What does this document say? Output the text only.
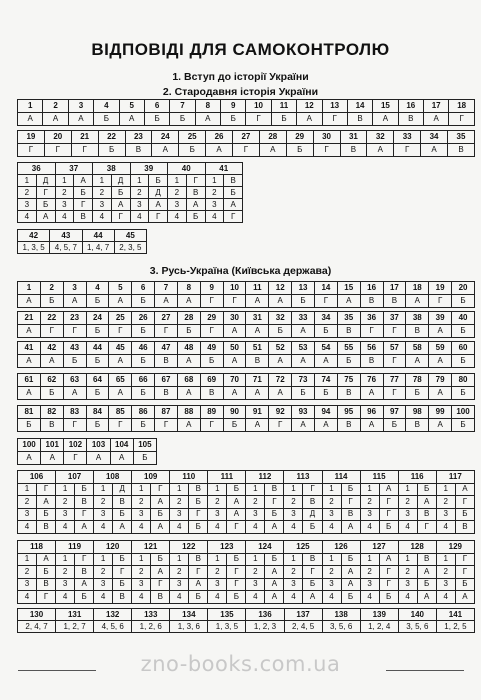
ВІДПОВІДІ ДЛЯ САМОКОНТРОЛЮ
1. Вступ до історії України
2. Стародавня історія України
1	2	3	4	5	6	7	8	9	10	11	12	13	14	15	16	17	18
А	А	А	Б	А	Б	Б	А	Б	Г	Б	А	Г	В	А	В	А	Г
19	20	21	22	23	24	25	26	27	28	29	30	31	32	33	34	35
Г	Г	Г	Б	В	А	Б	А	Г	А	Б	Г	В	А	Г	А	В
36		37		38		39		40		41	
1	Д	1	А	1	Д	1	Б	1	Г	1	В
2	Г	2	Б	2	Б	2	Д	2	В	2	Б
3	Б	3	Г	3	А	3	А	3	А	3	А
4	А	4	В	4	Г	4	Г	4	Б	4	Г
42	43	44	45
1, 3, 5	4, 5, 7	1, 4, 7	2, 3, 5
3. Русь-Україна (Київська держава)
1	2	3	4	5	6	7	8	9	10	11	12	13	14	15	16	17	18	19	20
А	Б	А	Б	А	Б	А	А	Г	Г	А	А	Б	Г	А	В	В	А	Г	Б
21	22	23	24	25	26	27	28	29	30	31	32	33	34	35	36	37	38	39	40
А	Г	Г	Б	Г	Б	Г	Б	Г	А	А	Б	А	Б	В	Г	Г	В	А	Б
41	42	43	44	45	46	47	48	49	50	51	52	53	54	55	56	57	58	59	60
А	А	Б	Б	А	Б	В	А	Б	А	В	А	А	А	Б	В	Г	А	А	Б
61	62	63	64	65	66	67	68	69	70	71	72	73	74	75	76	77	78	79	80
А	Б	А	Б	А	Б	В	А	В	А	А	А	Б	Б	В	А	Г	Б	А	Б
81	82	83	84	85	86	87	88	89	90	91	92	93	94	95	96	97	98	99	100
Б	В	Г	Б	Г	Б	Г	А	Г	Б	А	Г	А	А	В	А	Б	В	А	Б
100	101	102	103	104	105
А	А	Г	А	А	Б
106		107		108		109		110		111		112		113		114		115		116		117	
1	Г	1	Б	1	Д	1	Г	1	В	1	Б	1	В	1	Г	1	Б	1	А	1	Б	1	А
2	А	2	В	2	В	2	А	2	Б	2	А	2	Г	2	В	2	Г	2	Г	2	А	2	Г
3	Б	3	Г	3	Б	3	Б	3	Г	3	А	3	Б	3	Д	3	В	3	Г	3	В	3	Б
4	В	4	А	4	А	4	А	4	Б	4	Г	4	А	4	Б	4	А	4	Б	4	Г	4	В
118		119		120		121		122		123		124		125		126		127		128		129	
1	А	1	Г	1	Б	1	Б	1	В	1	Б	1	Б	1	В	1	Б	1	А	1	В	1	Г
2	Б	2	В	2	Г	2	А	2	Г	2	Г	2	А	2	Г	2	А	2	Г	2	А	2	Г
3	В	3	А	3	Б	3	Г	3	А	3	Г	3	А	3	Б	3	А	3	Г	3	Б	3	Б
4	Г	4	Б	4	В	4	В	4	Б	4	Б	4	А	4	А	4	Б	4	Б	4	А	4	А
130	131	132	133	134	135	136	137	138	139	140	141
2, 4, 7	1, 2, 7	4, 5, 6	1, 2, 6	1, 3, 6	1, 3, 5	1, 2, 3	2, 4, 5	3, 5, 6	1, 2, 4	3, 5, 6	1, 2, 5
zno-books.com.ua
